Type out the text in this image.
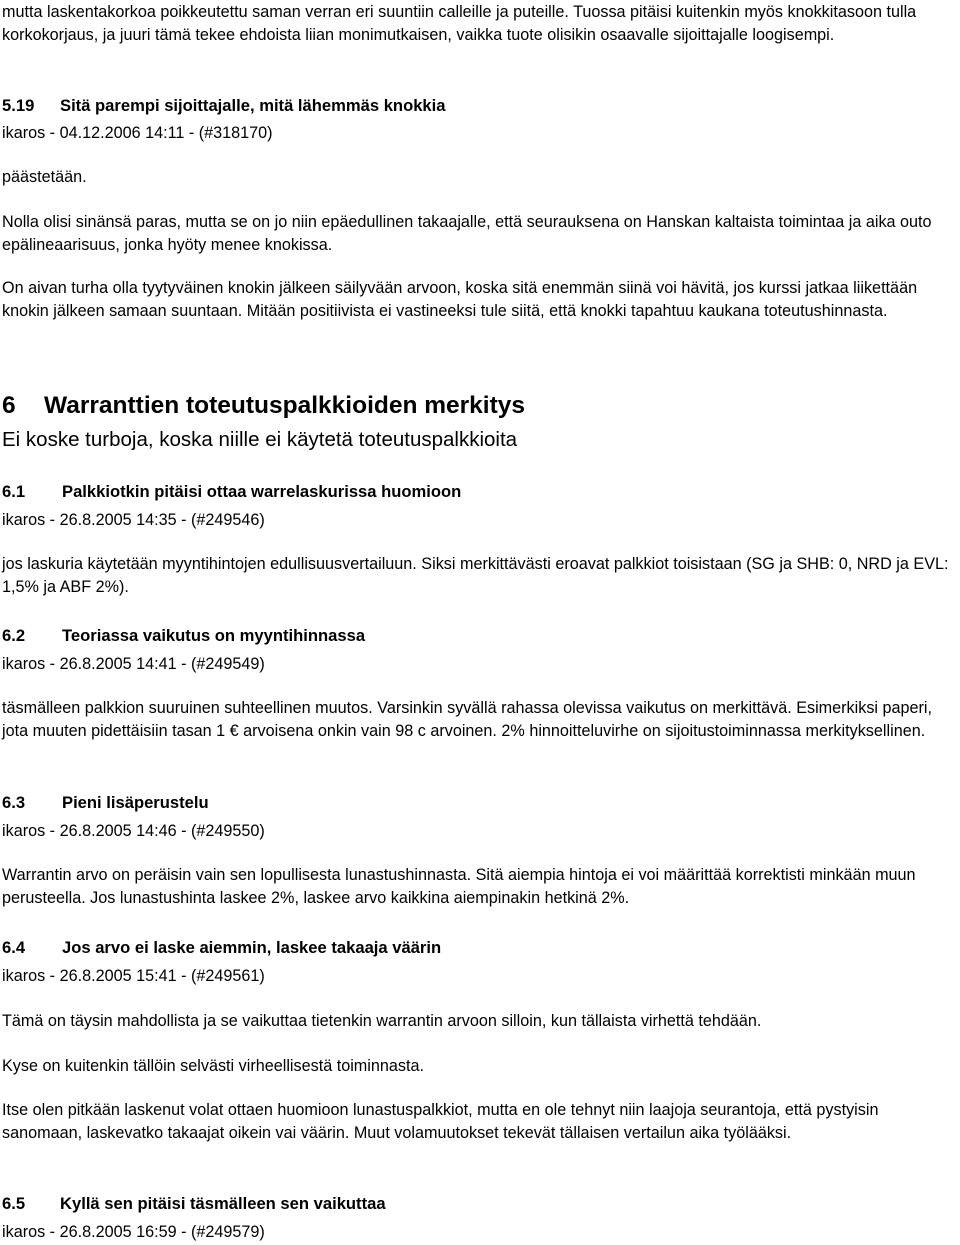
mutta laskentakorkoa poikkeutettu saman verran eri suuntiin calleille ja puteille. Tuossa pitäisi kuitenkin myös knokkitasoon tulla korkokorjaus, ja juuri tämä tekee ehdoista liian monimutkaisen, vaikka tuote olisikin osaavalle sijoittajalle loogisempi.

5.19 Sitä parempi sijoittajalle, mitä lähemmäs knokkia

ikaros - 04.12.2006 14:11 - (#318170)

päästetään.

Nolla olisi sinänsä paras, mutta se on jo niin epäedullinen takaajalle, että seurauksena on Hanskan kaltaista toimintaa ja aika outo epälineaarisuus, jonka hyöty menee knokissa.

On aivan turha olla tyytyväinen knokin jälkeen säilyvään arvoon, koska sitä enemmän siinä voi hävitä, jos kurssi jatkaa liikettään knokin jälkeen samaan suuntaan. Mitään positiivista ei vastineeksi tule siitä, että knokki tapahtuu kaukana toteutushinnasta.

6 Warranttien toteutuspalkkioiden merkitys

Ei koske turboja, koska niille ei käytetä toteutuspalkkioita

6.1 Palkkiotkin pitäisi ottaa warrelaskurissa huomioon

ikaros - 26.8.2005 14:35 - (#249546)

jos laskuria käytetään myyntihintojen edullisuusvertailuun. Siksi merkittävästi eroavat palkkiot toisistaan (SG ja SHB: 0, NRD ja EVL: 1,5% ja ABF 2%).

6.2 Teoriassa vaikutus on myyntihinnassa

ikaros - 26.8.2005 14:41 - (#249549)

täsmälleen palkkion suuruinen suhteellinen muutos. Varsinkin syvällä rahassa olevissa vaikutus on merkittävä. Esimerkiksi paperi, jota muuten pidettäisiin tasan 1 € arvoisena onkin vain 98 c arvoinen. 2% hinnoitteluvirhe on sijoitustoiminnassa merkityksellinen.

6.3 Pieni lisäperustelu

ikaros - 26.8.2005 14:46 - (#249550)

Warrantin arvo on peräisin vain sen lopullisesta lunastushinnasta. Sitä aiempia hintoja ei voi määrittää korrektisti minkään muun perusteella. Jos lunastushinta laskee 2%, laskee arvo kaikkina aiempinakin hetkinä 2%.

6.4 Jos arvo ei laske aiemmin, laskee takaaja väärin

ikaros - 26.8.2005 15:41 - (#249561)

Tämä on täysin mahdollista ja se vaikuttaa tietenkin warrantin arvoon silloin, kun tällaista virhettä tehdään.

Kyse on kuitenkin tällöin selvästi virheellisestä toiminnasta.

Itse olen pitkään laskenut volat ottaen huomioon lunastuspalkkiot, mutta en ole tehnyt niin laajoja seurantoja, että pystyisin sanomaan, laskevatko takaajat oikein vai väärin. Muut volamuutokset tekevät tällaisen vertailun aika työlääksi.

6.5 Kyllä sen pitäisi täsmälleen sen vaikuttaa

ikaros - 26.8.2005 16:59 - (#249579)
